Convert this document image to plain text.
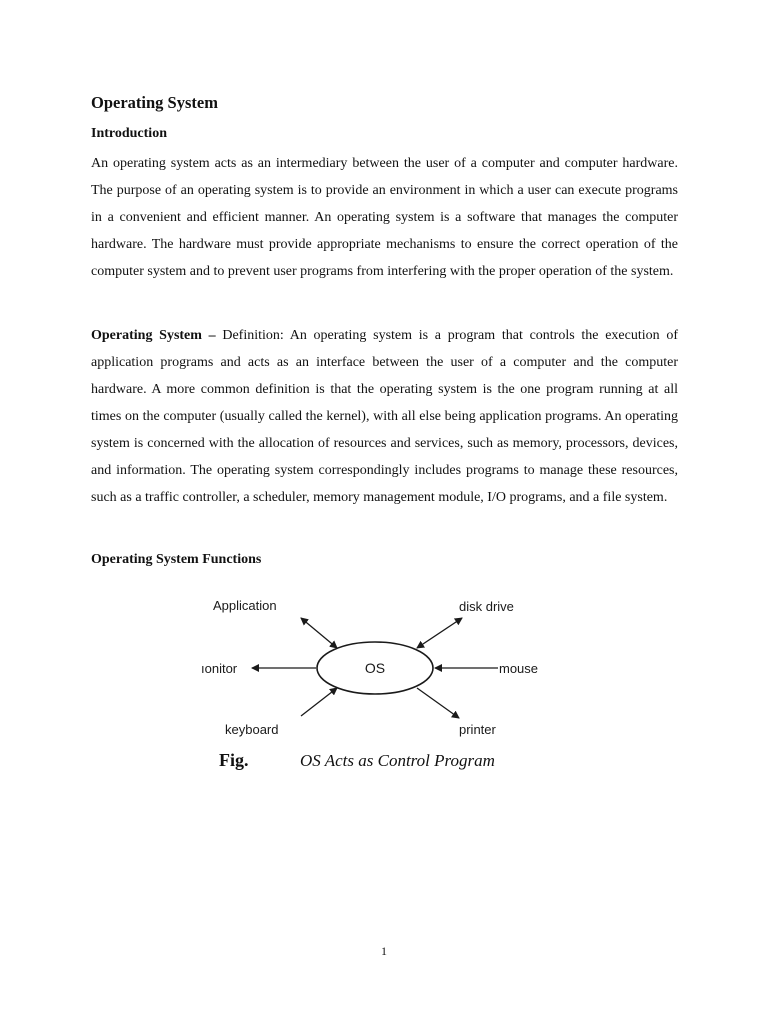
Operating System
Introduction

An operating system acts as an intermediary between the user of a computer and computer hardware. The purpose of an operating system is to provide an environment in which a user can execute programs in a convenient and efficient manner. An operating system is a software that manages the computer hardware. The hardware must provide appropriate mechanisms to ensure the correct operation of the computer system and to prevent user programs from interfering with the proper operation of the system.

Operating System – Definition: An operating system is a program that controls the execution of application programs and acts as an interface between the user of a computer and the computer hardware. A more common definition is that the operating system is the one program running at all times on the computer (usually called the kernel), with all else being application programs. An operating system is concerned with the allocation of resources and services, such as memory, processors, devices, and information. The operating system correspondingly includes programs to manage these resources, such as a traffic controller, a scheduler, memory management module, I/O programs, and a file system.

Operating System Functions
OS
Application	disk drive
ıonitor	mouse
keyboard	printer
Fig.	OS Acts as Control Program

1
